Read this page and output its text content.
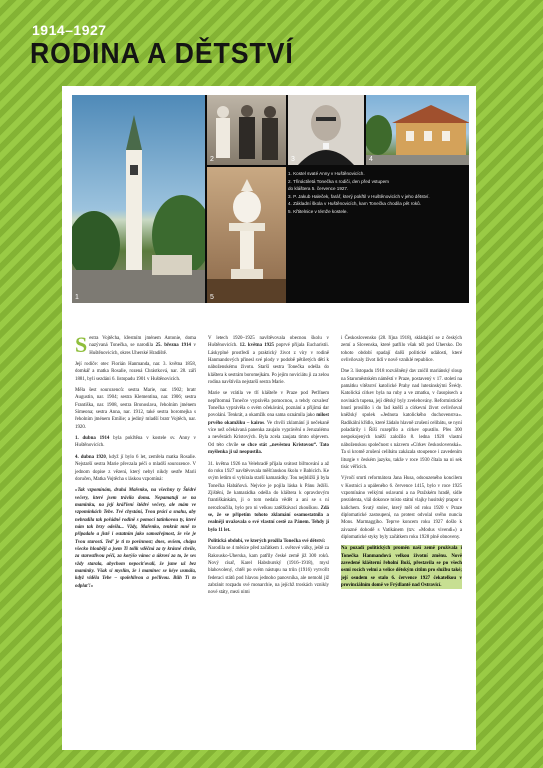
1914–1927
RODINA A DĚTSTVÍ
1
2	3	4
5
1. Kostel svaté Anny v Huštěnovicích.
2. Třináctiletá Tonečka s rodiči, den před vstupem
do kláštera 5. července 1927.
3. P. Jakub Haleček, farář, který pokřtil v Huštěnovicích v jeho dětství.
4. Základní škola v Huštěnovicích, kam Tonečka chodila pět roků.
5. Křtitelnice v témže kostele.

Sestra Vojtěcha, křestním jménem Antonie, doma nazývaná Tonečka, se narodila 25. března 1914 v Huštěnovicích, okres Uherské Hradiště.

Její rodiče: otec Florián Hanmanda, nar. 3. května 1858, domkář a matka Rosalie, rozená Chrástková, nar. 28. září 1881, byli sezdáni 6. listopadu 1901 v Huštěnovicích.

Měla šest sourozenců: sestra Marie, nar. 1902; bratr Augustin, nar. 1904; sestra Klementina, nar. 1906; sestra Františka, nar. 1908, sestra Bronoslava, řeholním jménem Simeona; sestra Anna, nar. 1912, také sestra boromejka s řeholním jménem Emílie; a jediný mladší bratr Vojtěch, nar. 1920.

1. dubna 1914 byla pokřtěna v kostele sv. Anny v Huštěnovicích.

4. dubna 1920, když jí bylo 6 let, zemřela matka Rosalie. Nejstarší sestra Marie převzala péči o mladší sourozence. V jednom dopise z vězení, který nebyl nikdy sestře Marii doručen, Matka Vojtěcha s láskou vzpomíná:

»Tak vzpomínám, drahá Mařenko, na všechny ty Štědré večery, které jsem trávila doma. Nepamatuji se na maminku, na její kráľlení štědré večery, ale mám ve vzpomínkách Tebe. Tvé chystání, Tvou práci a snahu, aby nebradila tak pořádně rodině s pomocí tatínkovou ty, které nám tak brzy odešla... Vždy, Mařenko, tenkrát mně to připadalo a jistě i ostatním jako samozřejmost, že vše je Tvou starostí. Teď je ti to povinnost; dnes, ovšem, chápu všecko hlouběji a jsem Ti tolik vděčná za ty krásné chvíle, za starostlivou péči, za korýšo vánoc a úkroví za to, že ses vždy starala, abychom nepociťovali, že jsme už bez maminky. Však si myslím, že i maminec se kéye usmála, když viděla Tebe – spolehlivou a pečlivou. Bůh Ti to odplať!«

V letech 1920–1925 navštěvovala obecnou školu v Huštěnovicích. 12. května 1925 poprvé přijala Eucharistii. Láskyplné prostředí a praktický život z víry v rodině Hanmandových přinesl své plody v podobě pětiletých dětí k náboženskému životu. Starší sestra Tonečka odešla do kláštera k sestrám boromejkám. Po jejím noviciátu ji za zelou rodina navštívila nejstarší sestra Marie.

Marie se vrátila ve tří klášteře v Praze pod Petřínem nepřítomná Tonečce vyprávěla pomocnou, a tehdy ozvalesť Tonečka vyprávěla o svém očekávání, poznání a přijímá dar povolání. Tenkrát, a okamžik ona sama oznámila jako milost prvého okamžiku – kairos. Ve chvíli zklamání ji nečekaně více než očekávaná panenka zaujalo vyprávění o Jeruzalému a nevěstách Kristových. Byla zcela zaujata tímto objevem. Od této chvíle se chce stát „nevěstou Kristovou“. Tato myšlenka ji už neopustila.

31. května 1926 na Velehradě přijala svátost biřmování a až do roku 1927 navštěvovala měšťanskou školu v Babicích. Ke svým letům si vybírala starší kamarádky. Tou nejbližší ji byla Tonečka Habáňová. Nejvíce je pojila láska k Pánu Ježíši. Zjištění, že kamarádka odešla do kláštera k opravdovým františkánkám, ji o tom nedala vědět a ani se s ní nerozloučila, bylo pro ni velkou zatěžkávací zkouškou. Zdá se, že se připetím tohoto zklamání osamostatnila a realněji uvažovala o své vlastní cestě za Pánem. Tehdy jí bylo 11 let.

Politická období, ve kterých prožila Tonečka své dětství:
Narodila se 4 měsíce před začátkem 1. světové války, ještě za Rakousko-Uherska, kam patřily české země již 300 roků. Nový císař, Karel Habsburský (1916–1918), mysl blahovolený, chtěl po svém nástupu na trůn (1916) vytvořit federaci států pod hlavou jednoho panovníka, ale nemohl již zabránit rozpadu své monarchie, na jejíchž troskách vznikly nové státy, mezi nimi

i Československo (28. října 1918), skládající se z českých zemí a Slovenska, které patřilo však též pod Uhersko. Do tohoto období spadají další politické události, které ovlivňovaly život lidí v nově vzniklé republice.

Dne 3. listopadu 1918 rozvášněný dav zničil mariánský sloup na Staroměstském náměstí v Praze, postavený v 17. století na památku vítězství katolické Prahy nad luteránskými Švédy. Katolická církev byla na ruby a ve zmatku, v časopisech a novinách tupena, její dětský byly zvelebovány. Reformistické hnutí prosílilo i do řad kněží a církevní život ovlivňoval kněžský spolek »Jednota katolického duchovenstva«. Radikální křídlo, které žádalo hlavně zrušení celibátu, se nyní poladárily i Říší rozepřilo a církev opustilo. Přes 300 nespokojených kněží založilo 8. ledna 1920 vlastní náboženskou společnost s názvem »Církev československá«. Ta si kromě zrušení celibátu zakázala stoupence i zavedením liturgie v českém jazyku, takže v roce 1930 čítala na ni sek tisíc věřících.

Výročí smrti reformátora Jana Husa, odsouzeného koncilem v Kostnici a upáleného 6. července 1415, bylo v roce 1925 vzpomínáno velkými oslavami a na Pražském hradě, sídle prezidenta, vlál dokonce místo státní vlajky husitský prapor s kalichem. Svatý stolec, který měl od roku 1920 v Praze diplomatické zastoupení, na protest odvolal svého nuncia Mons. Marmaggiho. Teprve koncem roku 1927 došlo k závazné dohodě s Vatikánem (tzv. »Modus vivendi«) a diplomatické styky byly začátkem roku 1928 plně obnoveny.

Na pozadí politických proměn naší země prožívala i Tonečka Hanmandová velkou životní změnu. Nově zavedené klášterní řeholní Boží, přestavila se po všech osmi rocích velmi a velice dětským citům pro službu také; její osudem se stalo 6. července 1927 čekatelkou v provinciálním domě ve Frýdlantě nad Ostravicí.
